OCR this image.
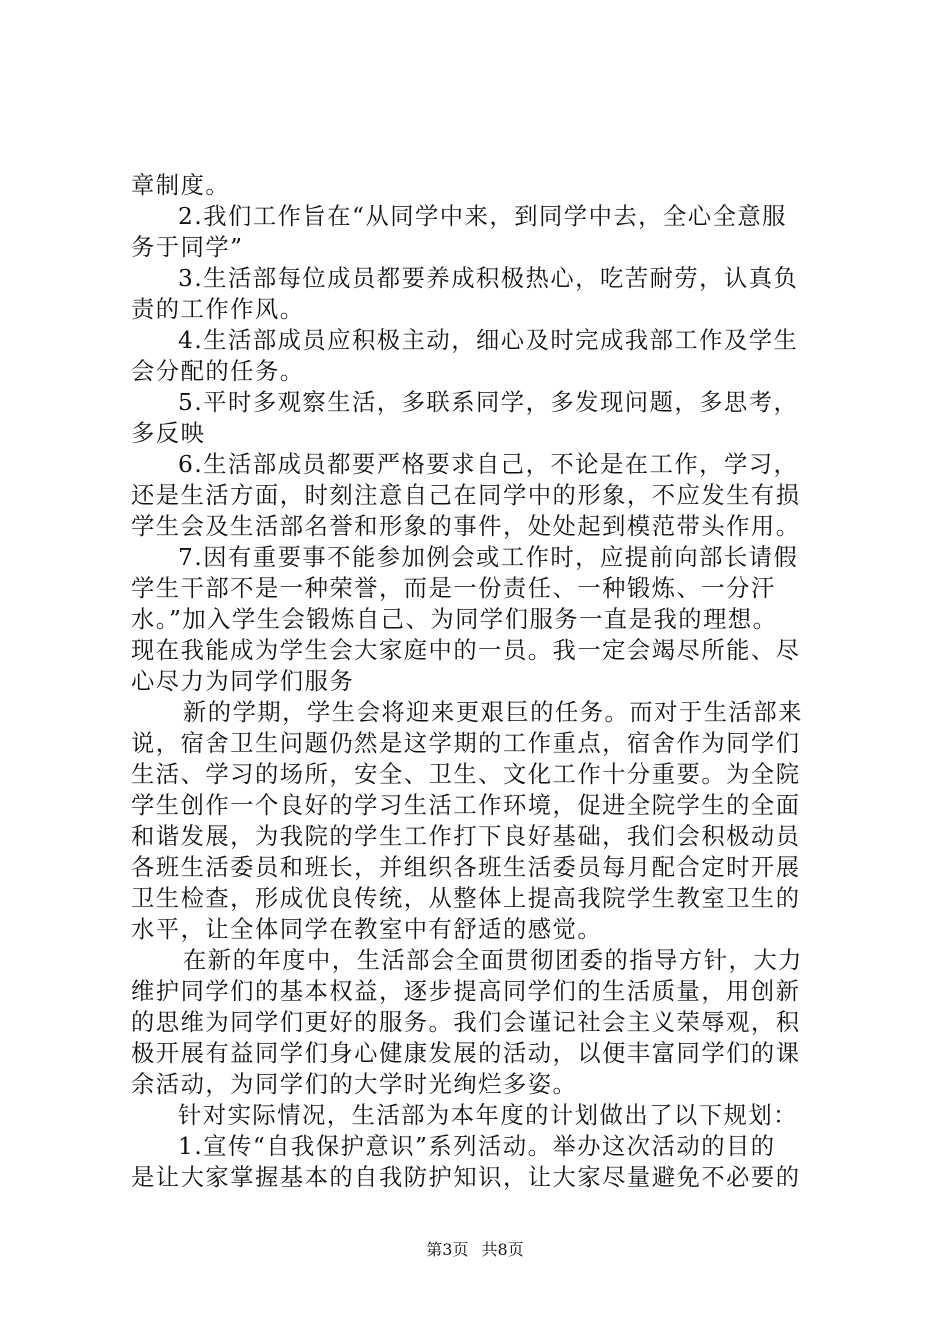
章制度。
2.我们工作旨在“从同学中来，到同学中去，全心全意服
务于同学”
3.生活部每位成员都要养成积极热心，吃苦耐劳，认真负
责的工作作风。
4.生活部成员应积极主动，细心及时完成我部工作及学生
会分配的任务。
5.平时多观察生活，多联系同学，多发现问题，多思考，
多反映
6.生活部成员都要严格要求自己，不论是在工作，学习，
还是生活方面，时刻注意自己在同学中的形象，不应发生有损
学生会及生活部名誉和形象的事件，处处起到模范带头作用。
7.因有重要事不能参加例会或工作时，应提前向部长请假
学生干部不是一种荣誉，而是一份责任、一种锻炼、一分汗
水。”加入学生会锻炼自己、为同学们服务一直是我的理想。
现在我能成为学生会大家庭中的一员。我一定会竭尽所能、尽
心尽力为同学们服务
新的学期，学生会将迎来更艰巨的任务。而对于生活部来
说，宿舍卫生问题仍然是这学期的工作重点，宿舍作为同学们
生活、学习的场所，安全、卫生、文化工作十分重要。为全院
学生创作一个良好的学习生活工作环境，促进全院学生的全面
和谐发展，为我院的学生工作打下良好基础，我们会积极动员
各班生活委员和班长，并组织各班生活委员每月配合定时开展
卫生检查，形成优良传统，从整体上提高我院学生教室卫生的
水平，让全体同学在教室中有舒适的感觉。
在新的年度中，生活部会全面贯彻团委的指导方针，大力
维护同学们的基本权益，逐步提高同学们的生活质量，用创新
的思维为同学们更好的服务。我们会谨记社会主义荣辱观，积
极开展有益同学们身心健康发展的活动，以便丰富同学们的课
余活动，为同学们的大学时光绚烂多姿。
针对实际情况，生活部为本年度的计划做出了以下规划：
1.宣传“自我保护意识”系列活动。举办这次活动的目的
是让大家掌握基本的自我防护知识，让大家尽量避免不必要的
第3页 共8页
